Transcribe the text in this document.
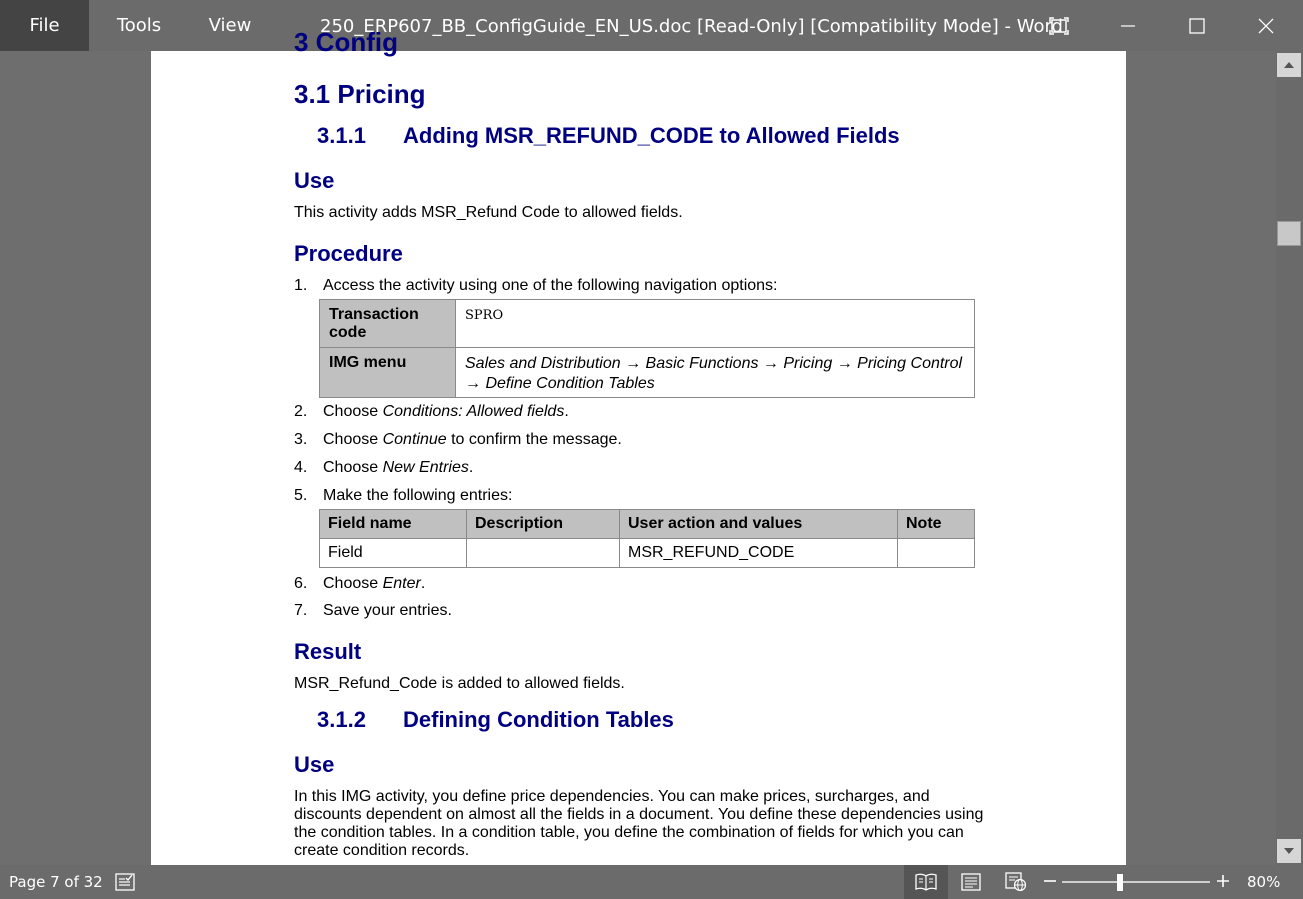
File	Tools	View	250_ERP607_BB_ConfigGuide_EN_US.doc [Read-Only] [Compatibility Mode] - Word
3 Config
3.1 Pricing
3.1.1 Adding MSR_REFUND_CODE to Allowed Fields
Use
This activity adds MSR_Refund Code to allowed fields.
Procedure
1. Access the activity using one of the following navigation options:
Transaction code	SPRO
IMG menu	Sales and Distribution → Basic Functions → Pricing → Pricing Control → Define Condition Tables
2. Choose Conditions: Allowed fields.
3. Choose Continue to confirm the message.
4. Choose New Entries.
5. Make the following entries:
Field name	Description	User action and values	Note
Field		MSR_REFUND_CODE	
6. Choose Enter.
7. Save your entries.
Result
MSR_Refund_Code is added to allowed fields.
3.1.2 Defining Condition Tables
Use
In this IMG activity, you define price dependencies. You can make prices, surcharges, and discounts dependent on almost all the fields in a document. You define these dependencies using the condition tables. In a condition table, you define the combination of fields for which you can create condition records.
Page 7 of 32	80%
